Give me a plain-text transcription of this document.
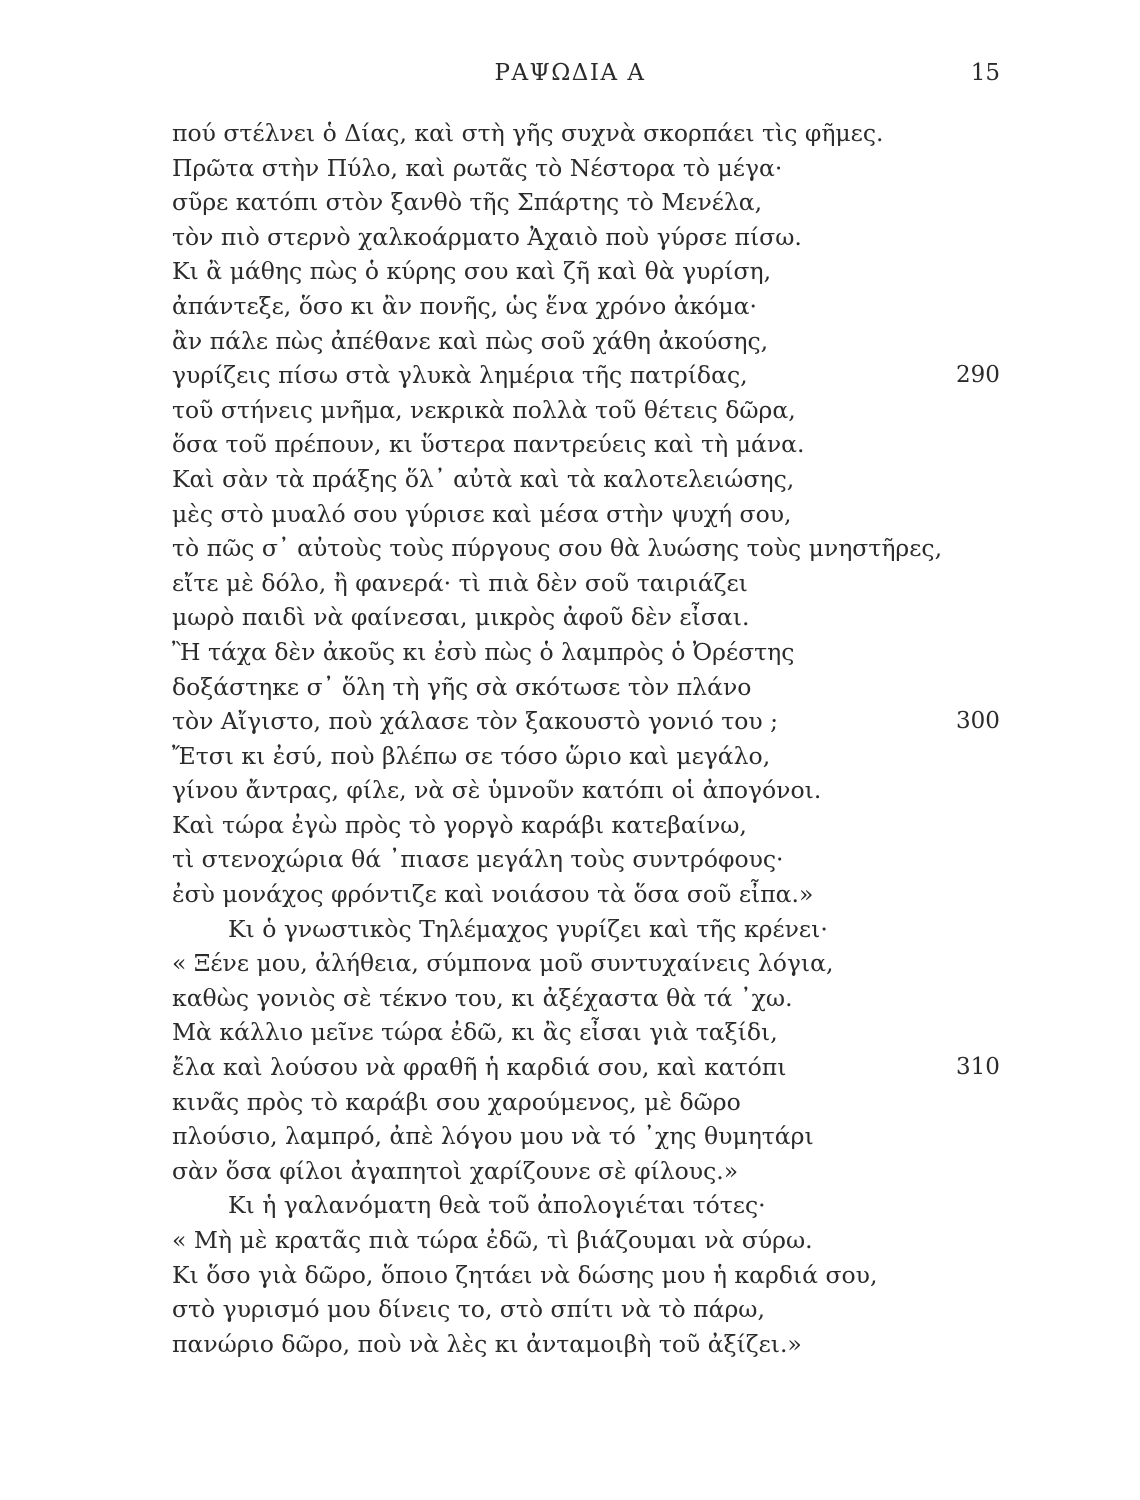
ΡΑΨΩΔΙΑ Α	15
πού στέλνει ὁ Δίας, καὶ στὴ γῆς συχνὰ σκορπάει τὶς φῆμες.
Πρῶτα στὴν Πύλο, καὶ ρωτᾶς τὸ Νέστορα τὸ μέγα·
σῦρε κατόπι στὸν ξανθὸ τῆς Σπάρτης τὸ Μενέλα,
τὸν πιὸ στερνὸ χαλκοάρματο Ἀχαιὸ ποὺ γύρσε πίσω.
Κι ἂ μάθης πὼς ὁ κύρης σου καὶ ζῆ καὶ θὰ γυρίση,
ἀπάντεξε, ὅσο κι ἂν πονῆς, ὡς ἕνα χρόνο ἀκόμα·
ἂν πάλε πὼς ἀπέθανε καὶ πὼς σοῦ χάθη ἀκούσης,
γυρίζεις πίσω στὰ γλυκὰ λημέρια τῆς πατρίδας,	290
τοῦ στήνεις μνῆμα, νεκρικὰ πολλὰ τοῦ θέτεις δῶρα,
ὅσα τοῦ πρέπουν, κι ὕστερα παντρεύεις καὶ τὴ μάνα.
Καὶ σὰν τὰ πράξης ὅλ᾽ αὐτὰ καὶ τὰ καλοτελειώσης,
μὲς στὸ μυαλό σου γύρισε καὶ μέσα στὴν ψυχή σου,
τὸ πῶς σ᾽ αὐτοὺς τοὺς πύργους σου θὰ λυώσης τοὺς μνηστῆρες,
εἴτε μὲ δόλο, ἢ φανερά· τὶ πιὰ δὲν σοῦ ταιριάζει
μωρὸ παιδὶ νὰ φαίνεσαι, μικρὸς ἀφοῦ δὲν εἶσαι.
Ἢ τάχα δὲν ἀκοῦς κι ἐσὺ πὼς ὁ λαμπρὸς ὁ Ὀρέστης
δοξάστηκε σ᾽ ὅλη τὴ γῆς σὰ σκότωσε τὸν πλάνο
τὸν Αἴγιστο, ποὺ χάλασε τὸν ξακουστὸ γονιό του ;	300
Ἔτσι κι ἐσύ, ποὺ βλέπω σε τόσο ὥριο καὶ μεγάλο,
γίνου ἄντρας, φίλε, νὰ σὲ ὑμνοῦν κατόπι οἱ ἀπογόνοι.
Καὶ τώρα ἐγὼ πρὸς τὸ γοργὸ καράβι κατεβαίνω,
τὶ στενοχώρια θά ᾽πιασε μεγάλη τοὺς συντρόφους·
ἐσὺ μονάχος φρόντιζε καὶ νοιάσου τὰ ὅσα σοῦ εἶπα.»
Κι ὁ γνωστικὸς Τηλέμαχος γυρίζει καὶ τῆς κρένει·
« Ξένε μου, ἀλήθεια, σύμπονα μοῦ συντυχαίνεις λόγια,
καθὼς γονιὸς σὲ τέκνο του, κι ἀξέχαστα θὰ τά ᾽χω.
Μὰ κάλλιο μεῖνε τώρα ἐδῶ, κι ἂς εἶσαι γιὰ ταξίδι,
ἔλα καὶ λούσου νὰ φραθῆ ἡ καρδιά σου, καὶ κατόπι	310
κινᾶς πρὸς τὸ καράβι σου χαρούμενος, μὲ δῶρο
πλούσιο, λαμπρό, ἀπὲ λόγου μου νὰ τό ᾽χης θυμητάρι
σὰν ὅσα φίλοι ἀγαπητοὶ χαρίζουνε σὲ φίλους.»
Κι ἡ γαλανόματη θεὰ τοῦ ἀπολογιέται τότες·
« Μὴ μὲ κρατᾶς πιὰ τώρα ἐδῶ, τὶ βιάζουμαι νὰ σύρω.
Κι ὅσο γιὰ δῶρο, ὅποιο ζητάει νὰ δώσης μου ἡ καρδιά σου,
στὸ γυρισμό μου δίνεις το, στὸ σπίτι νὰ τὸ πάρω,
πανώριο δῶρο, ποὺ νὰ λὲς κι ἀνταμοιβὴ τοῦ ἀξίζει.»
